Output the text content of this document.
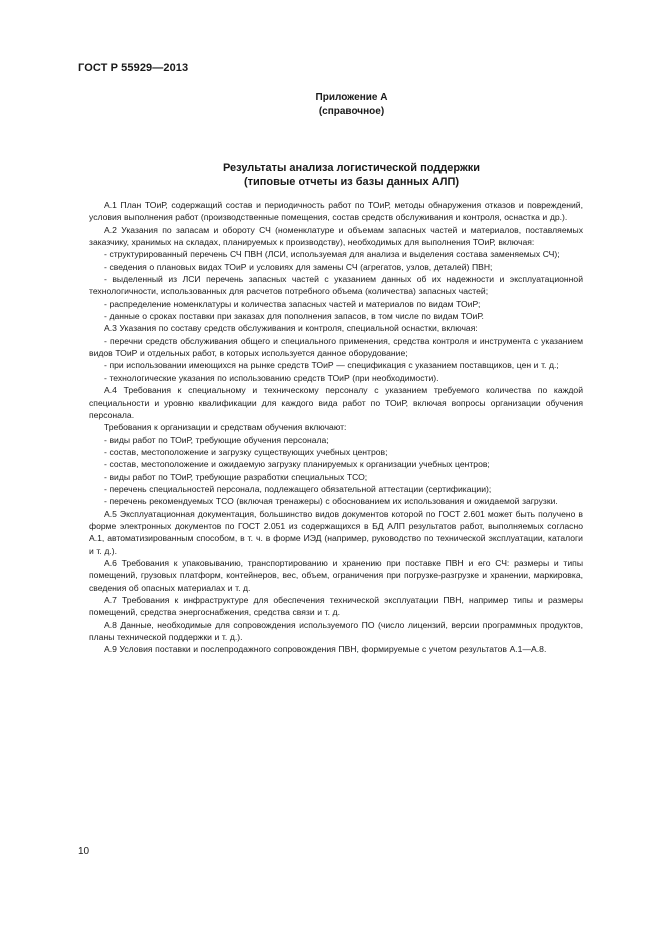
ГОСТ Р 55929—2013
Приложение А
(справочное)
Результаты анализа логистической поддержки
(типовые отчеты из базы данных АЛП)

А.1 План ТОиР, содержащий состав и периодичность работ по ТОиР, методы обнаружения отказов и повреждений, условия выполнения работ (производственные помещения, состав средств обслуживания и контроля, оснастка и др.).

А.2 Указания по запасам и обороту СЧ (номенклатуре и объемам запасных частей и материалов, поставляемых заказчику, хранимых на складах, планируемых к производству), необходимых для выполнения ТОиР, включая:

- структурированный перечень СЧ ПВН (ЛСИ, используемая для анализа и выделения состава заменяемых СЧ);

- сведения о плановых видах ТОиР и условиях для замены СЧ (агрегатов, узлов, деталей) ПВН;

- выделенный из ЛСИ перечень запасных частей с указанием данных об их надежности и эксплуатационной технологичности, использованных для расчетов потребного объема (количества) запасных частей;

- распределение номенклатуры и количества запасных частей и материалов по видам ТОиР;

- данные о сроках поставки при заказах для пополнения запасов, в том числе по видам ТОиР.

А.3 Указания по составу средств обслуживания и контроля, специальной оснастки, включая:

- перечни средств обслуживания общего и специального применения, средства контроля и инструмента с указанием видов ТОиР и отдельных работ, в которых используется данное оборудование;

- при использовании имеющихся на рынке средств ТОиР — спецификация с указанием поставщиков, цен и т. д.;

- технологические указания по использованию средств ТОиР (при необходимости).

А.4 Требования к специальному и техническому персоналу с указанием требуемого количества по каждой специальности и уровню квалификации для каждого вида работ по ТОиР, включая вопросы организации обучения персонала.

Требования к организации и средствам обучения включают:

- виды работ по ТОиР, требующие обучения персонала;

- состав, местоположение и загрузку существующих учебных центров;

- состав, местоположение и ожидаемую загрузку планируемых к организации учебных центров;

- виды работ по ТОиР, требующие разработки специальных ТСО;

- перечень специальностей персонала, подлежащего обязательной аттестации (сертификации);

- перечень рекомендуемых ТСО (включая тренажеры) с обоснованием их использования и ожидаемой загрузки.

А.5 Эксплуатационная документация, большинство видов документов которой по ГОСТ 2.601 может быть получено в форме электронных документов по ГОСТ 2.051 из содержащихся в БД АЛП результатов работ, выполняемых согласно А.1, автоматизированным способом, в т. ч. в форме ИЭД (например, руководство по технической эксплуатации, каталоги и т. д.).

А.6 Требования к упаковыванию, транспортированию и хранению при поставке ПВН и его СЧ: размеры и типы помещений, грузовых платформ, контейнеров, вес, объем, ограничения при погрузке-разгрузке и хранении, маркировка, сведения об опасных материалах и т. д.

А.7 Требования к инфраструктуре для обеспечения технической эксплуатации ПВН, например типы и размеры помещений, средства энергоснабжения, средства связи и т. д.

А.8 Данные, необходимые для сопровождения используемого ПО (число лицензий, версии программных продуктов, планы технической поддержки и т. д.).

А.9 Условия поставки и послепродажного сопровождения ПВН, формируемые с учетом результатов А.1—А.8.

10
